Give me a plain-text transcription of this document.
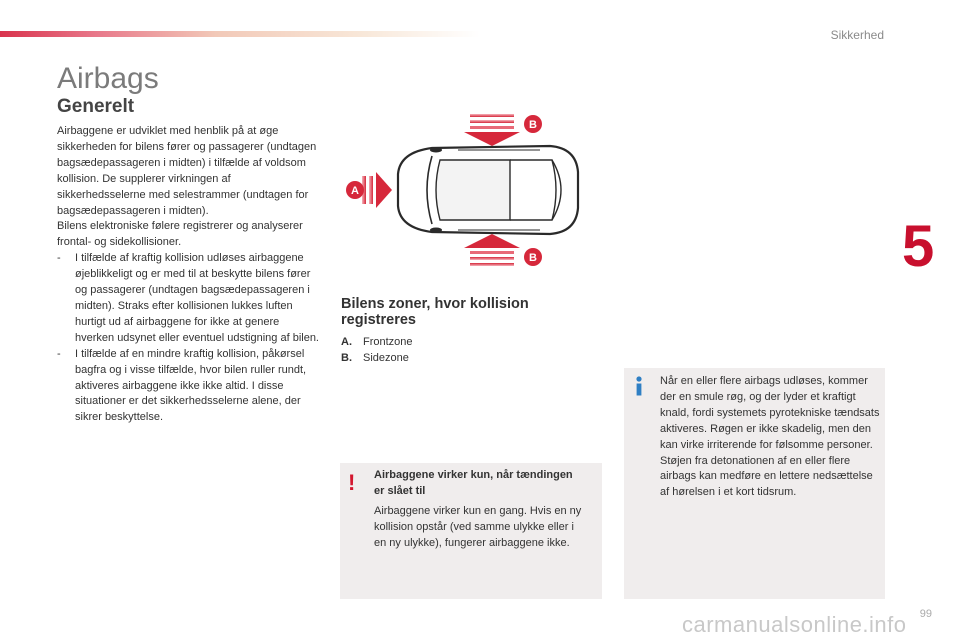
Sikkerhed
5
Airbags
Generelt

Airbaggene er udviklet med henblik på at øge sikkerheden for bilens fører og passagerer (undtagen bagsædepassageren i midten) i tilfælde af voldsom kollision. De supplerer virkningen af sikkerhedsselerne med selestrammer (undtagen for bagsædepassageren i midten).

Bilens elektroniske følere registrerer og analyserer frontal- og sidekollisioner.

-	I tilfælde af kraftig kollision udløses airbaggene øjeblikkeligt og er med til at beskytte bilens fører og passagerer (undtagen bagsædepassageren i midten). Straks efter kollisionen lukkes luften hurtigt ud af airbaggene for ikke at genere hverken udsynet eller eventuel udstigning af bilen.
-	I tilfælde af en mindre kraftig kollision, påkørsel bagfra og i visse tilfælde, hvor bilen ruller rundt, aktiveres airbaggene ikke ikke altid. I disse situationer er det sikkerhedsselerne alene, der sikrer beskyttelse.
B
A
B
Bilens zoner, hvor kollision registreres
A. Frontzone
B. Sidezone
! Airbaggene virker kun, når tændingen er slået til
Airbaggene virker kun en gang. Hvis en ny kollision opstår (ved samme ulykke eller i en ny ulykke), fungerer airbaggene ikke.
Når en eller flere airbags udløses, kommer der en smule røg, og der lyder et kraftigt knald, fordi systemets pyrotekniske tændsats aktiveres. Røgen er ikke skadelig, men den kan virke irriterende for følsomme personer. Støjen fra detonationen af en eller flere airbags kan medføre en lettere nedsættelse af hørelsen i et kort tidsrum.
99
carmanualsonline.info
